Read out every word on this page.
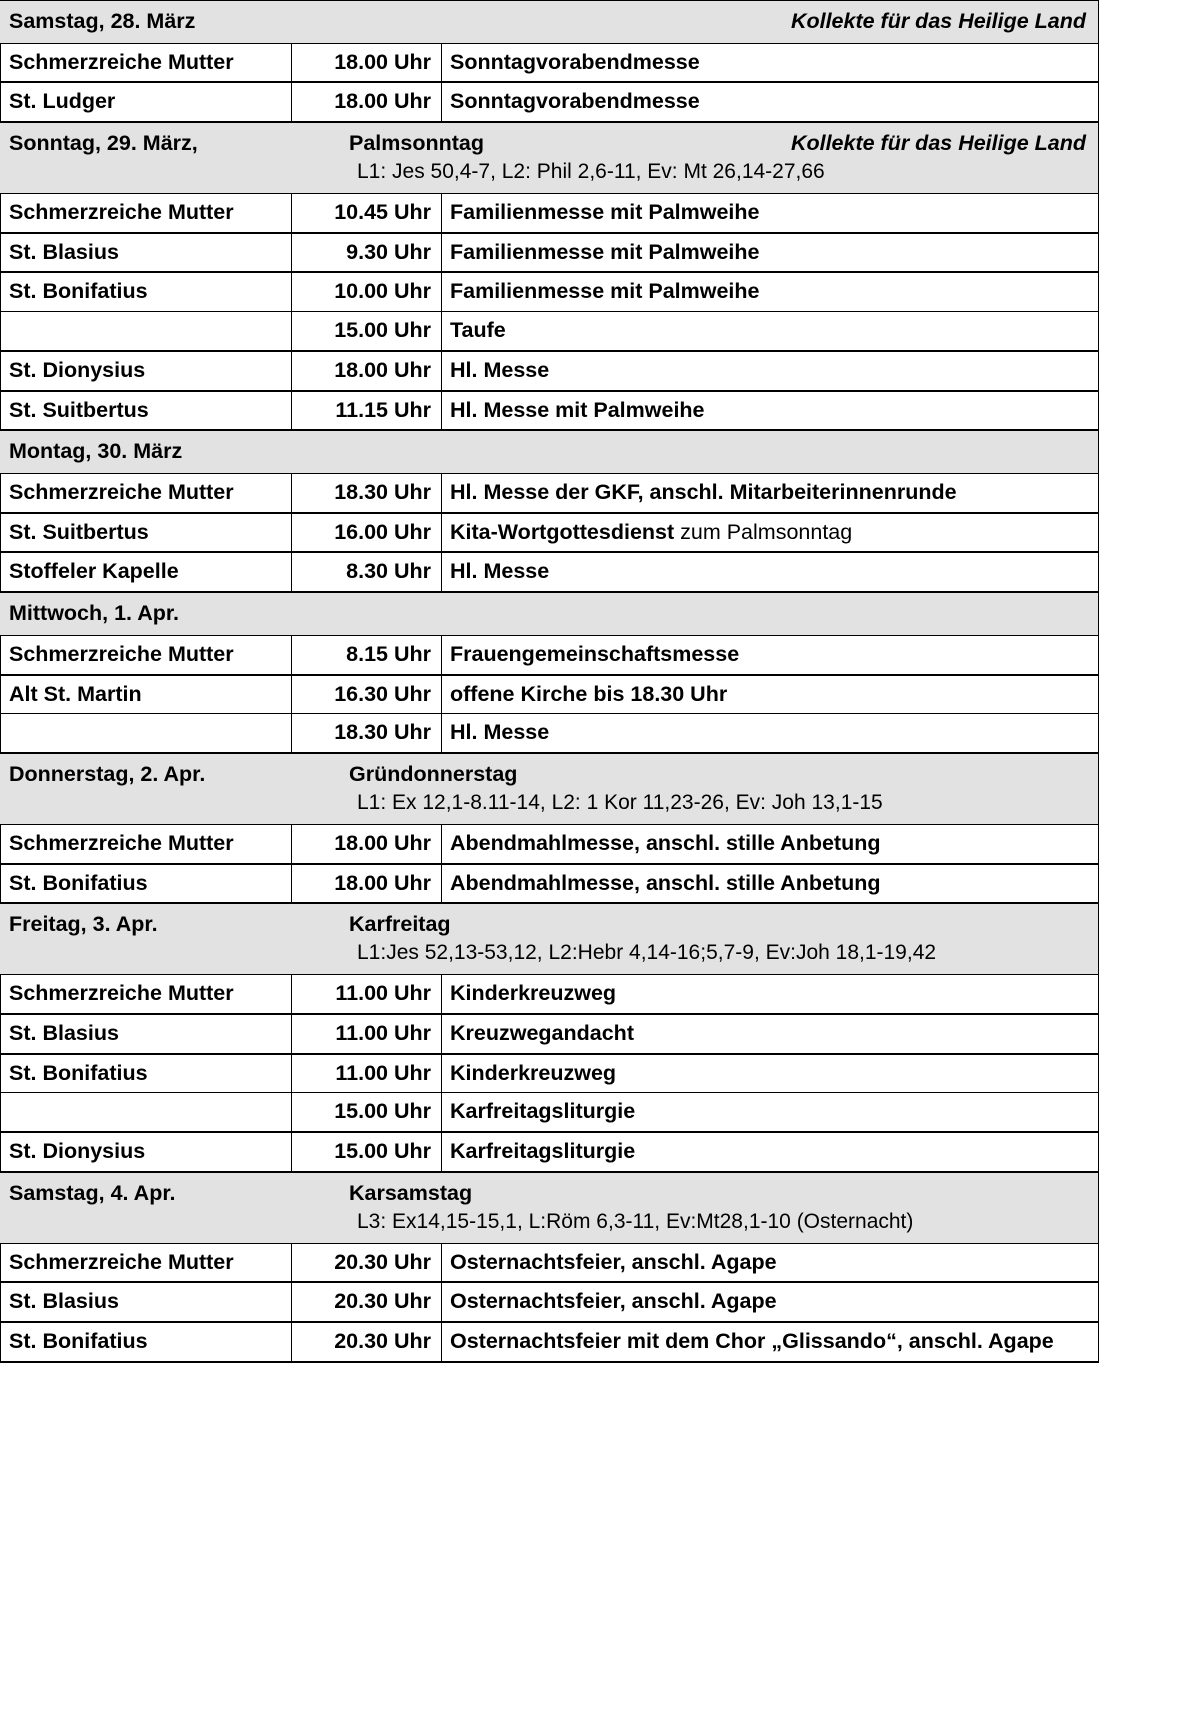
Samstag, 28. März Kollekte für das Heilige Land		

Schmerzreiche Mutter	18.00 Uhr	Sonntagvorabendmesse
St. Ludger	18.00 Uhr	Sonntagvorabendmesse

Sonntag, 29. März, Palmsonntag Kollekte für das Heilige Land
L1: Jes 50,4-7, L2: Phil 2,6-11, Ev: Mt 26,14-27,66		

Schmerzreiche Mutter	10.45 Uhr	Familienmesse mit Palmweihe
St. Blasius	9.30 Uhr	Familienmesse mit Palmweihe
St. Bonifatius	10.00 Uhr	Familienmesse mit Palmweihe
	15.00 Uhr	Taufe
St. Dionysius	18.00 Uhr	Hl. Messe
St. Suitbertus	11.15 Uhr	Hl. Messe mit Palmweihe

Montag, 30. März		

Schmerzreiche Mutter	18.30 Uhr	Hl. Messe der GKF, anschl. Mitarbeiterinnenrunde
St. Suitbertus	16.00 Uhr	Kita-Wortgottesdienst zum Palmsonntag
Stoffeler Kapelle	8.30 Uhr	Hl. Messe

Mittwoch, 1. Apr.		

Schmerzreiche Mutter	8.15 Uhr	Frauengemeinschaftsmesse
Alt St. Martin	16.30 Uhr	offene Kirche bis 18.30 Uhr
	18.30 Uhr	Hl. Messe

Donnerstag, 2. Apr. Gründonnerstag
L1: Ex 12,1-8.11-14, L2: 1 Kor 11,23-26, Ev: Joh 13,1-15		

Schmerzreiche Mutter	18.00 Uhr	Abendmahlmesse, anschl. stille Anbetung
St. Bonifatius	18.00 Uhr	Abendmahlmesse, anschl. stille Anbetung

Freitag, 3. Apr. Karfreitag
L1:Jes 52,13-53,12, L2:Hebr 4,14-16;5,7-9, Ev:Joh 18,1-19,42		

Schmerzreiche Mutter	11.00 Uhr	Kinderkreuzweg
St. Blasius	11.00 Uhr	Kreuzwegandacht
St. Bonifatius	11.00 Uhr	Kinderkreuzweg
	15.00 Uhr	Karfreitagsliturgie
St. Dionysius	15.00 Uhr	Karfreitagsliturgie

Samstag, 4. Apr. Karsamstag
L3: Ex14,15‑15,1, L:Röm 6,3‑11, Ev:Mt28,1‑10 (Osternacht)		

Schmerzreiche Mutter	20.30 Uhr	Osternachtsfeier, anschl. Agape
St. Blasius	20.30 Uhr	Osternachtsfeier, anschl. Agape
St. Bonifatius	20.30 Uhr	Osternachtsfeier mit dem Chor „Glissando“, anschl. Agape
